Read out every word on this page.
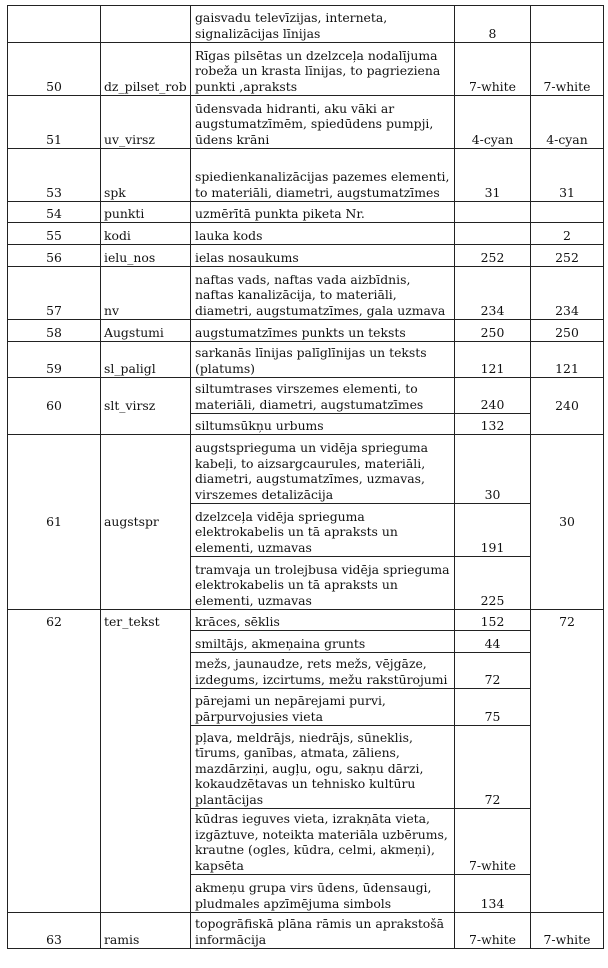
		gaisvadu televīzijas, interneta, signalizācijas līnijas	8	
50	dz_pilset_rob	Rīgas pilsētas un dzelzceļa nodalījuma robeža un krasta līnijas, to pagrieziena punkti ,apraksts	7-white	7-white
51	uv_virsz	ūdensvada hidranti, aku vāki ar augstumatzīmēm, spiedūdens pumpji, ūdens krāni	4-cyan	4-cyan
53	spk	spiedienkanalizācijas pazemes elementi, to materiāli, diametri, augstumatzīmes	31	31
54	punkti	uzmērītā punkta piketa Nr.		
55	kodi	lauka kods		2
56	ielu_nos	ielas nosaukums	252	252
57	nv	naftas vads, naftas vada aizbīdnis, naftas kanalizācija, to materiāli, diametri, augstumatzīmes, gala uzmava	234	234
58	Augstumi	augstumatzīmes punkts un teksts	250	250
59	sl_paligl	sarkanās līnijas palīglīnijas un teksts (platums)	121	121
60	slt_virsz	siltumtrases virszemes elementi, to materiāli, diametri, augstumatzīmes	240	240
		siltumsūkņu urbums	132	
61	augstspr	augstsprieguma un vidēja sprieguma kabeļi, to aizsargcaurules, materiāli, diametri, augstumatzīmes, uzmavas, virszemes detalizācija	30	30
		dzelzceļa vidēja sprieguma elektrokabelis un tā apraksts un elementi, uzmavas	191	
		tramvaja un trolejbusa vidēja sprieguma elektrokabelis un tā apraksts un elementi, uzmavas	225	
62	ter_tekst	krāces, sēklis	152	72
		smiltājs, akmeņaina grunts	44	
		mežs, jaunaudze, rets mežs, vējgāze, izdegums, izcirtums, mežu rakstūrojumi	72	
		pārejami un nepārejami purvi, pārpurvojusies vieta	75	
		pļava, meldrājs, niedrājs, sūneklis, tīrums, ganības, atmata, zāliens, mazdārziņi, augļu, ogu, sakņu dārzi, kokaudzētavas un tehnisko kultūru plantācijas	72	
		kūdras ieguves vieta, izrakņāta vieta, izgāztuve, noteikta materiāla uzbērums, krautne (ogles, kūdra, celmi, akmeņi), kapsēta	7-white	
		akmeņu grupa virs ūdens, ūdensaugi, pludmales apzīmējuma simbols	134	
63	ramis	topogrāfiskā plāna rāmis un aprakstošā informācija	7-white	7-white
